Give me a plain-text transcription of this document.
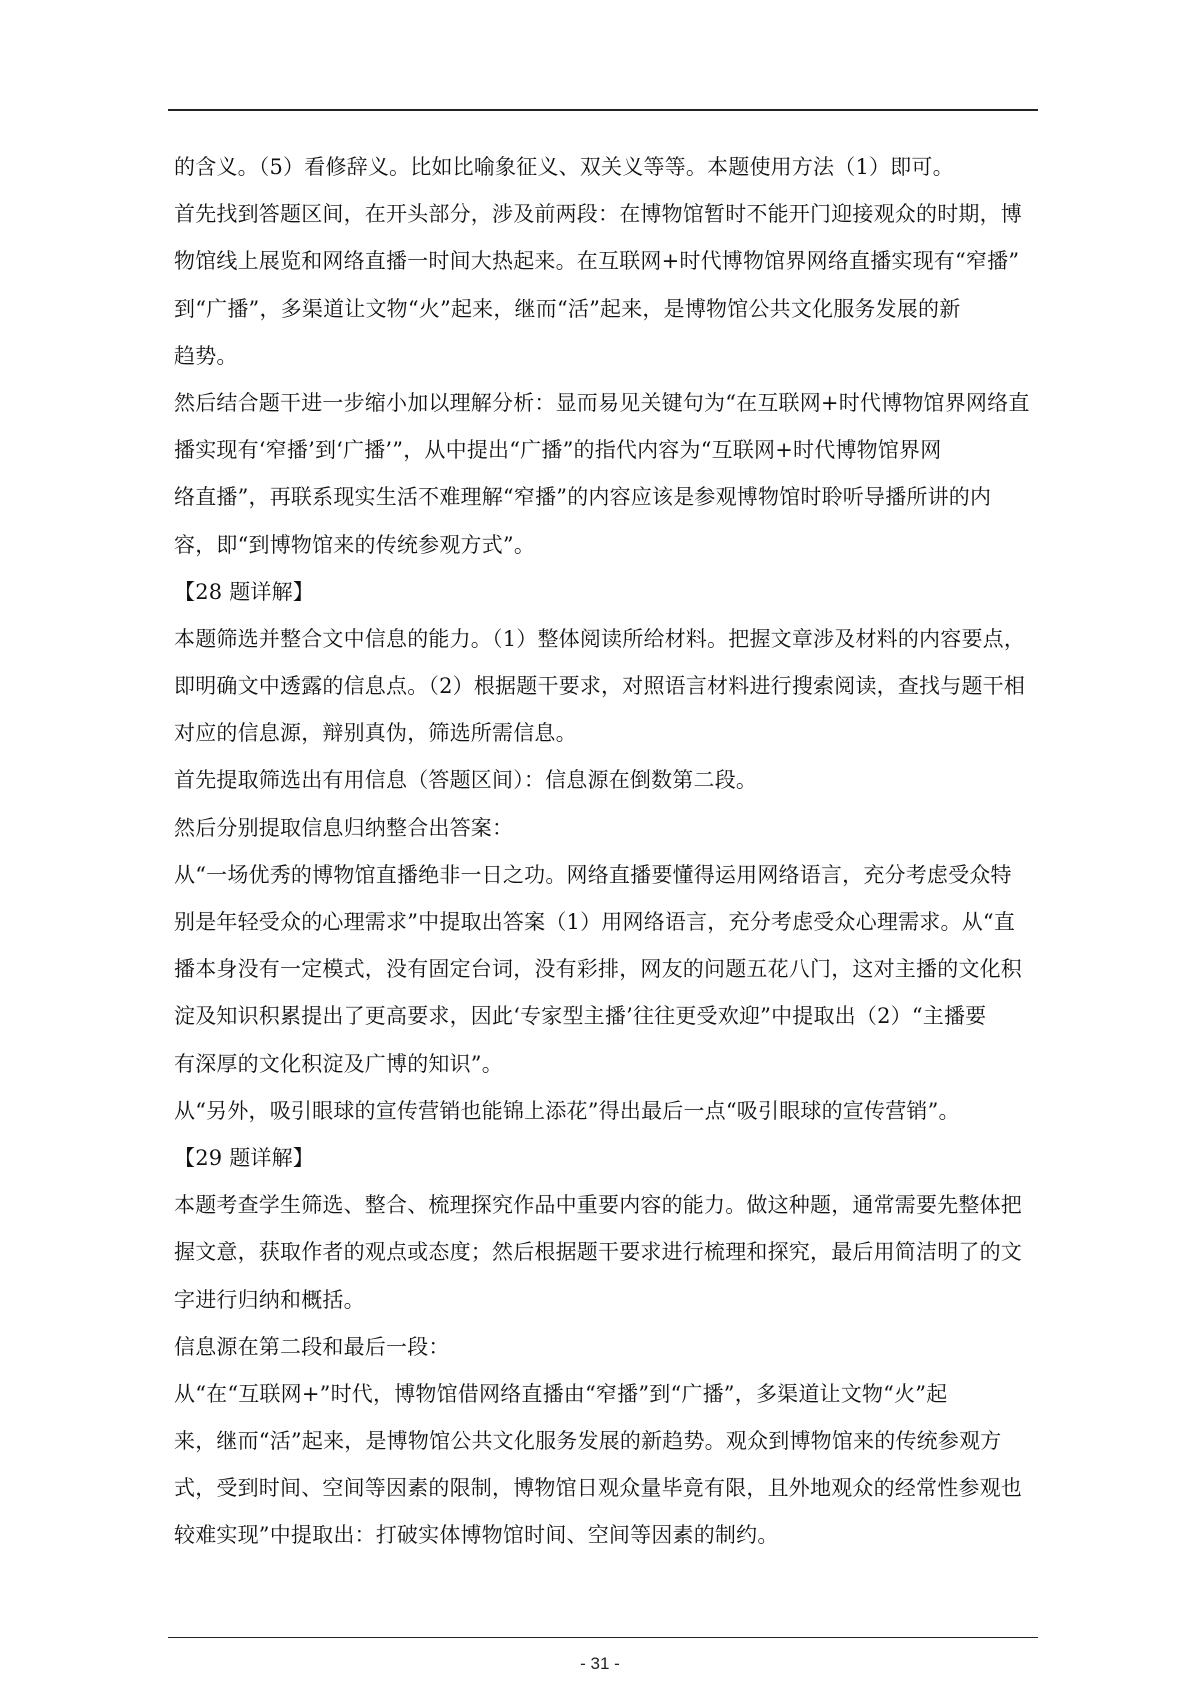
的含义。（5）看修辞义。比如比喻象征义、双关义等等。本题使用方法（1）即可。
首先找到答题区间，在开头部分，涉及前两段：在博物馆暂时不能开门迎接观众的时期，博
物馆线上展览和网络直播一时间大热起来。在互联网+时代博物馆界网络直播实现有“窄播”
到“广播”，多渠道让文物“火”起来，继而“活”起来，是博物馆公共文化服务发展的新
趋势。
然后结合题干进一步缩小加以理解分析：显而易见关键句为“在互联网+时代博物馆界网络直
播实现有‘窄播’到‘广播’”，从中提出“广播”的指代内容为“互联网+时代博物馆界网
络直播”，再联系现实生活不难理解“窄播”的内容应该是参观博物馆时聆听导播所讲的内
容，即“到博物馆来的传统参观方式”。
【28 题详解】
本题筛选并整合文中信息的能力。（1）整体阅读所给材料。把握文章涉及材料的内容要点，
即明确文中透露的信息点。（2）根据题干要求，对照语言材料进行搜索阅读，查找与题干相
对应的信息源，辩别真伪，筛选所需信息。
首先提取筛选出有用信息（答题区间）：信息源在倒数第二段。
然后分别提取信息归纳整合出答案：
从“一场优秀的博物馆直播绝非一日之功。网络直播要懂得运用网络语言，充分考虑受众特
别是年轻受众的心理需求”中提取出答案（1）用网络语言，充分考虑受众心理需求。从“直
播本身没有一定模式，没有固定台词，没有彩排，网友的问题五花八门，这对主播的文化积
淀及知识积累提出了更高要求，因此‘专家型主播’往往更受欢迎”中提取出（2）“主播要
有深厚的文化积淀及广博的知识”。
从“另外，吸引眼球的宣传营销也能锦上添花”得出最后一点“吸引眼球的宣传营销”。
【29 题详解】
本题考查学生筛选、整合、梳理探究作品中重要内容的能力。做这种题，通常需要先整体把
握文意，获取作者的观点或态度；然后根据题干要求进行梳理和探究，最后用简洁明了的文
字进行归纳和概括。
信息源在第二段和最后一段：
从“在“互联网+”时代，博物馆借网络直播由“窄播”到“广播”，多渠道让文物“火”起
来，继而“活”起来，是博物馆公共文化服务发展的新趋势。观众到博物馆来的传统参观方
式，受到时间、空间等因素的限制，博物馆日观众量毕竟有限，且外地观众的经常性参观也
较难实现”中提取出：打破实体博物馆时间、空间等因素的制约。
- 31 -
